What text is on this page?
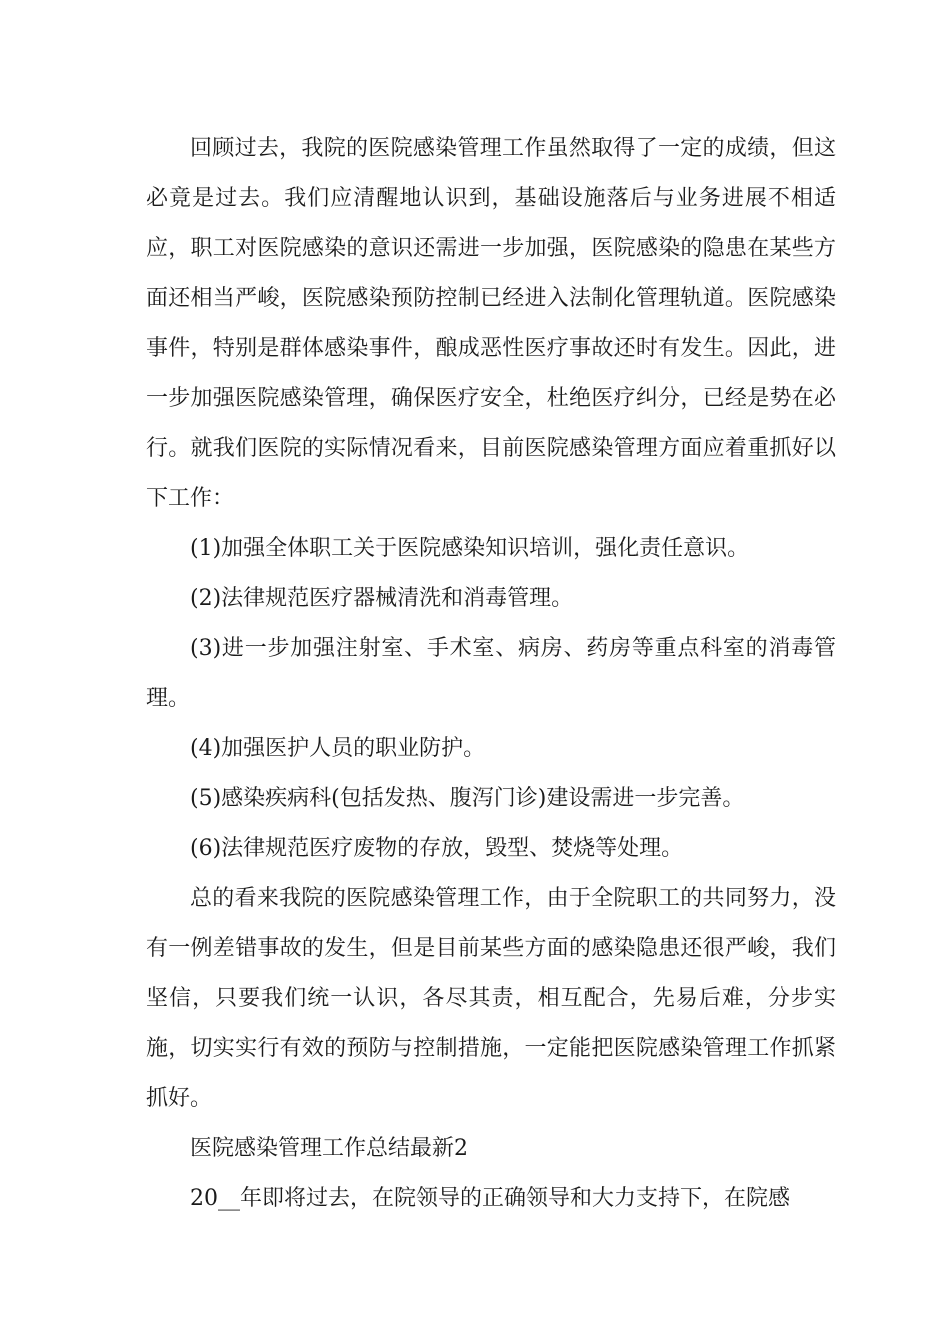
回顾过去，我院的医院感染管理工作虽然取得了一定的成绩，但这必竟是过去。我们应清醒地认识到，基础设施落后与业务进展不相适应，职工对医院感染的意识还需进一步加强，医院感染的隐患在某些方面还相当严峻，医院感染预防控制已经进入法制化管理轨道。医院感染事件，特别是群体感染事件，酿成恶性医疗事故还时有发生。因此，进一步加强医院感染管理，确保医疗安全，杜绝医疗纠分，已经是势在必行。就我们医院的实际情况看来，目前医院感染管理方面应着重抓好以下工作：

(1)加强全体职工关于医院感染知识培训，强化责任意识。

(2)法律规范医疗器械清洗和消毒管理。

(3)进一步加强注射室、手术室、病房、药房等重点科室的消毒管理。

(4)加强医护人员的职业防护。

(5)感染疾病科(包括发热、腹泻门诊)建设需进一步完善。

(6)法律规范医疗废物的存放，毁型、焚烧等处理。

总的看来我院的医院感染管理工作，由于全院职工的共同努力，没有一例差错事故的发生，但是目前某些方面的感染隐患还很严峻，我们坚信，只要我们统一认识，各尽其责，相互配合，先易后难，分步实施，切实实行有效的预防与控制措施，一定能把医院感染管理工作抓紧抓好。

医院感染管理工作总结最新2

20__年即将过去，在院领导的正确领导和大力支持下，在院感
